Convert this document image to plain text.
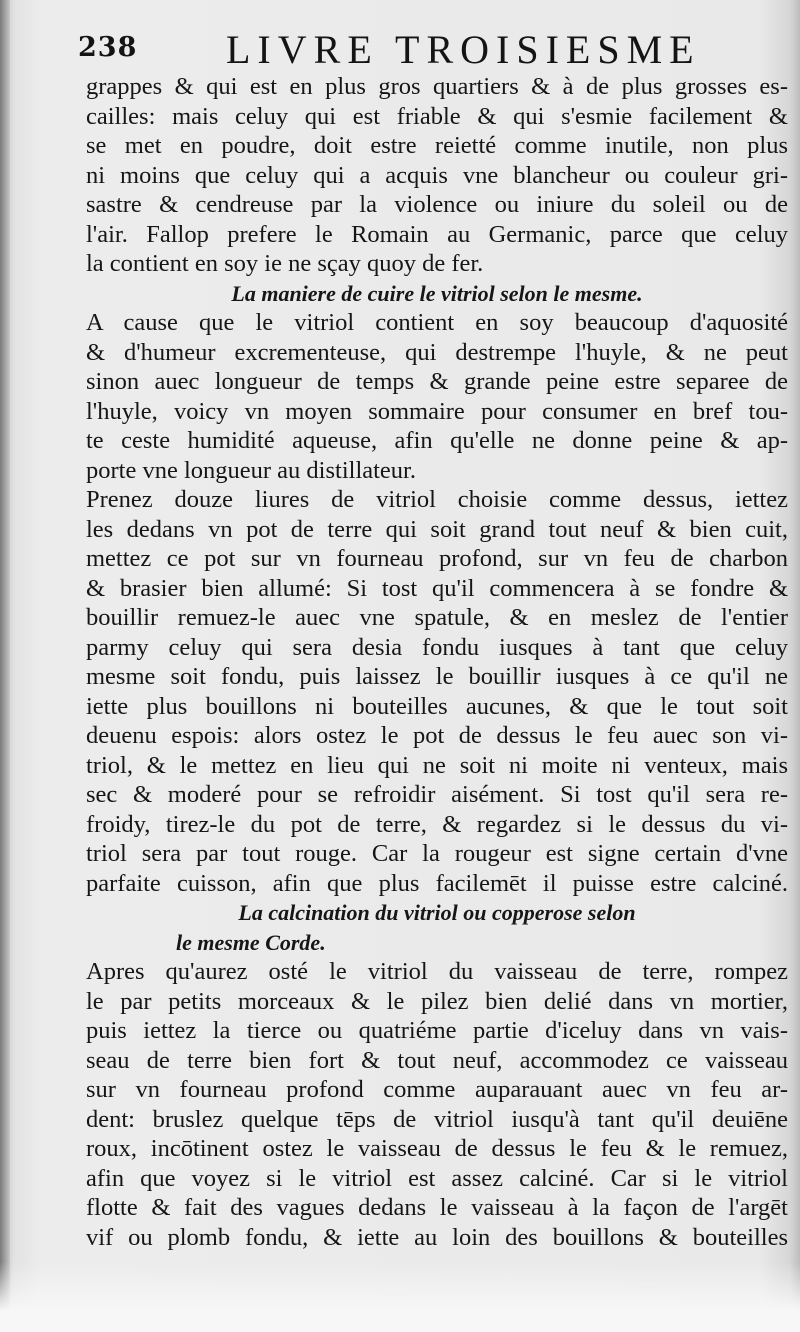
238 LIVRE TROISIESME
grappes & qui est en plus gros quartiers & à de plus grosses es-
cailles: mais celuy qui est friable & qui s'esmie facilement &
se met en poudre, doit estre reietté comme inutile, non plus
ni moins que celuy qui a acquis vne blancheur ou couleur gri-
sastre & cendreuse par la violence ou iniure du soleil ou de
l'air. Fallop prefere le Romain au Germanic, parce que celuy
la contient en soy ie ne sçay quoy de fer.
La maniere de cuire le vitriol selon le mesme.
A cause que le vitriol contient en soy beaucoup d'aquosité
& d'humeur excrementeuse, qui destrempe l'huyle, & ne peut
sinon auec longueur de temps & grande peine estre separee de
l'huyle, voicy vn moyen sommaire pour consumer en bref tou-
te ceste humidité aqueuse, afin qu'elle ne donne peine & ap-
porte vne longueur au distillateur.
Prenez douze liures de vitriol choisie comme dessus, iettez
les dedans vn pot de terre qui soit grand tout neuf & bien cuit,
mettez ce pot sur vn fourneau profond, sur vn feu de charbon
& brasier bien allumé: Si tost qu'il commencera à se fondre &
bouillir remuez-le auec vne spatule, & en meslez de l'entier
parmy celuy qui sera desia fondu iusques à tant que celuy
mesme soit fondu, puis laissez le bouillir iusques à ce qu'il ne
iette plus bouillons ni bouteilles aucunes, & que le tout soit
deuenu espois: alors ostez le pot de dessus le feu auec son vi-
triol, & le mettez en lieu qui ne soit ni moite ni venteux, mais
sec & moderé pour se refroidir aisément. Si tost qu'il sera re-
froidy, tirez-le du pot de terre, & regardez si le dessus du vi-
triol sera par tout rouge. Car la rougeur est signe certain d'vne
parfaite cuisson, afin que plus facilemēt il puisse estre calciné.
La calcination du vitriol ou copperose selon
le mesme Corde.
Apres qu'aurez osté le vitriol du vaisseau de terre, rompez
le par petits morceaux & le pilez bien delié dans vn mortier,
puis iettez la tierce ou quatriéme partie d'iceluy dans vn vais-
seau de terre bien fort & tout neuf, accommodez ce vaisseau
sur vn fourneau profond comme auparauant auec vn feu ar-
dent: bruslez quelque tēps de vitriol iusqu'à tant qu'il deuiēne
roux, incōtinent ostez le vaisseau de dessus le feu & le remuez,
afin que voyez si le vitriol est assez calciné. Car si le vitriol
flotte & fait des vagues dedans le vaisseau à la façon de l'argēt
vif ou plomb fondu, & iette au loin des bouillons & bouteilles
